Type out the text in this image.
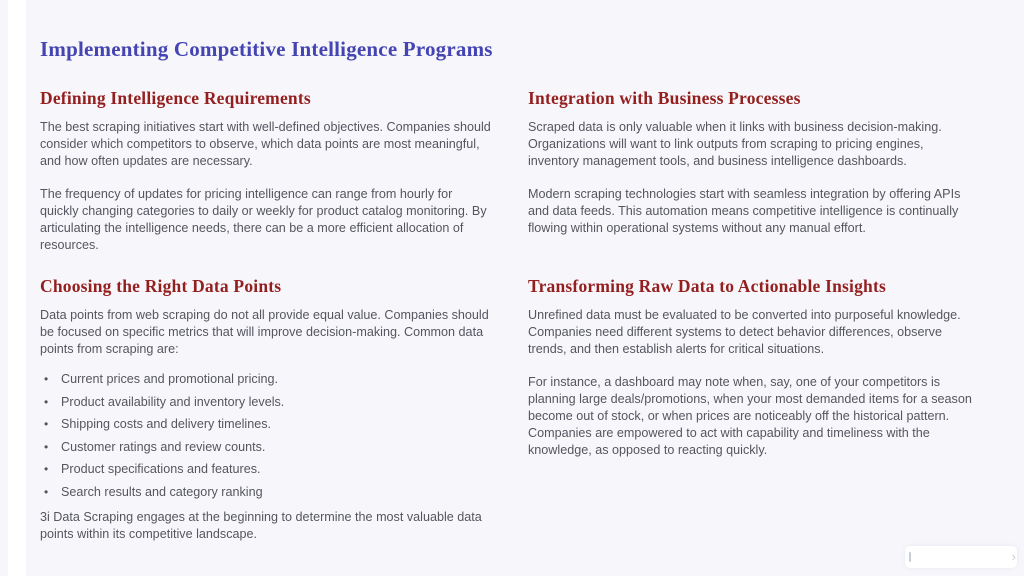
Implementing Competitive Intelligence Programs
Defining Intelligence Requirements

The best scraping initiatives start with well-defined objectives. Companies should consider which competitors to observe, which data points are most meaningful, and how often updates are necessary.

The frequency of updates for pricing intelligence can range from hourly for quickly changing categories to daily or weekly for product catalog monitoring. By articulating the intelligence needs, there can be a more efficient allocation of resources.

Integration with Business Processes

Scraped data is only valuable when it links with business decision-making. Organizations will want to link outputs from scraping to pricing engines, inventory management tools, and business intelligence dashboards.

Modern scraping technologies start with seamless integration by offering APIs and data feeds. This automation means competitive intelligence is continually flowing within operational systems without any manual effort.

Choosing the Right Data Points

Data points from web scraping do not all provide equal value. Companies should be focused on specific metrics that will improve decision-making. Common data points from scraping are:

•	Current prices and promotional pricing.
•	Product availability and inventory levels.
•	Shipping costs and delivery timelines.
•	Customer ratings and review counts.
•	Product specifications and features.
•	Search results and category ranking

3i Data Scraping engages at the beginning to determine the most valuable data points within its competitive landscape.

Transforming Raw Data to Actionable Insights

Unrefined data must be evaluated to be converted into purposeful knowledge. Companies need different systems to detect behavior differences, observe trends, and then establish alerts for critical situations.

For instance, a dashboard may note when, say, one of your competitors is planning large deals/promotions, when your most demanded items for a season become out of stock, or when prices are noticeably off the historical pattern. Companies are empowered to act with capability and timeliness with the knowledge, as opposed to reacting quickly.

›
